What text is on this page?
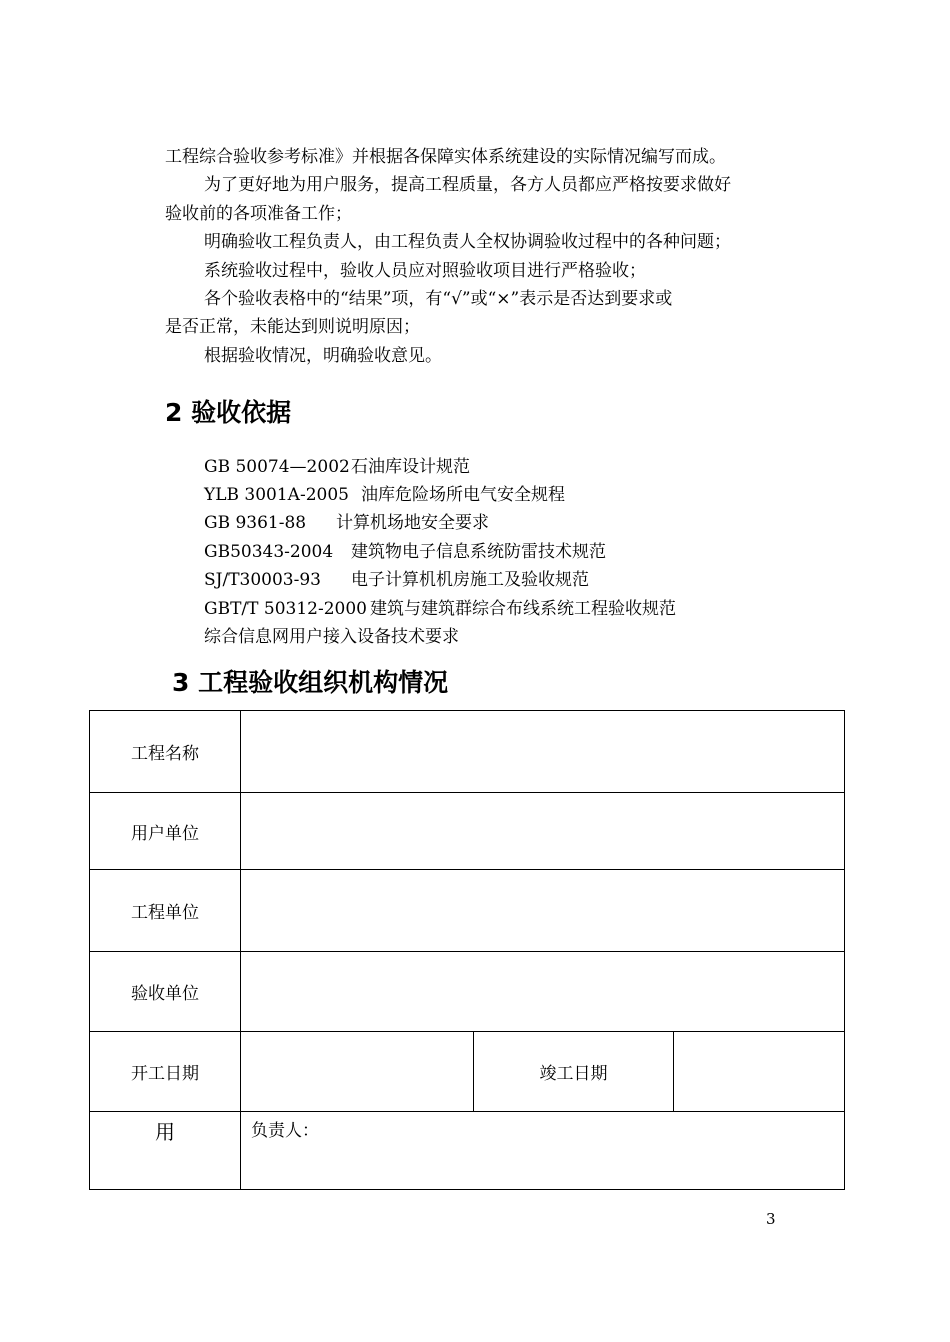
工程综合验收参考标准》并根据各保障实体系统建设的实际情况编写而成。
为了更好地为用户服务，提高工程质量，各方人员都应严格按要求做好
验收前的各项准备工作；
明确验收工程负责人，由工程负责人全权协调验收过程中的各种问题；
系统验收过程中，验收人员应对照验收项目进行严格验收；
各个验收表格中的“结果”项，有“√”或“×”表示是否达到要求或
是否正常，未能达到则说明原因；
根据验收情况，明确验收意见。
2 验收依据
GB 50074—2002石油库设计规范
YLB 3001A-2005 油库危险场所电气安全规程
GB 9361-88 计算机场地安全要求
GB50343-2004 建筑物电子信息系统防雷技术规范
SJ/T30003-93 电子计算机机房施工及验收规范
GBT/T 50312-2000 建筑与建筑群综合布线系统工程验收规范
综合信息网用户接入设备技术要求
3 工程验收组织机构情况
工程名称			
用户单位			
工程单位			
验收单位			
开工日期		竣工日期	
用	负责人：		
3
